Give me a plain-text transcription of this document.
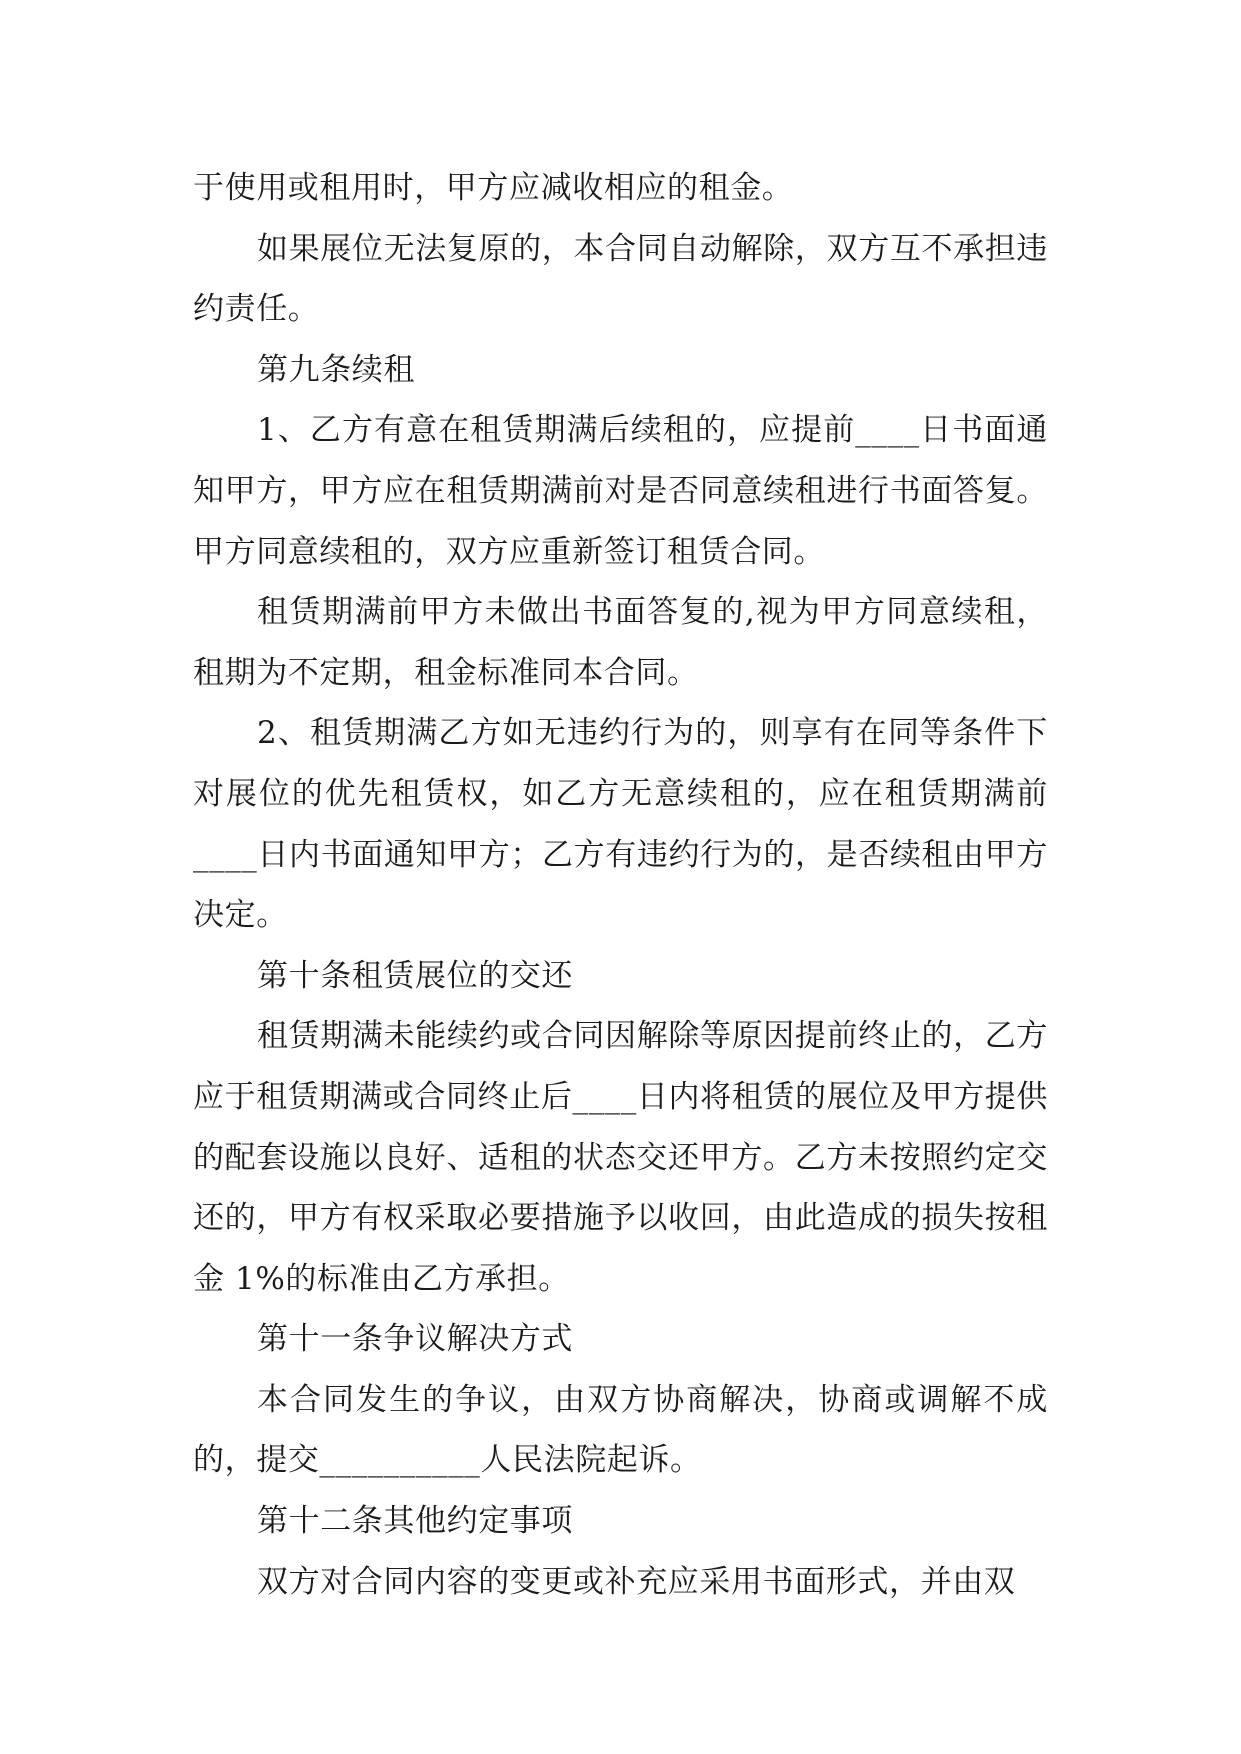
于使用或租用时，甲方应减收相应的租金。

如果展位无法复原的，本合同自动解除，双方互不承担违约责任。

第九条续租

1、乙方有意在租赁期满后续租的，应提前____日书面通知甲方，甲方应在租赁期满前对是否同意续租进行书面答复。甲方同意续租的，双方应重新签订租赁合同。

租赁期满前甲方未做出书面答复的,视为甲方同意续租，租期为不定期，租金标准同本合同。

2、租赁期满乙方如无违约行为的，则享有在同等条件下对展位的优先租赁权，如乙方无意续租的，应在租赁期满前____日内书面通知甲方；乙方有违约行为的，是否续租由甲方决定。

第十条租赁展位的交还

租赁期满未能续约或合同因解除等原因提前终止的，乙方应于租赁期满或合同终止后____日内将租赁的展位及甲方提供的配套设施以良好、适租的状态交还甲方。乙方未按照约定交还的，甲方有权采取必要措施予以收回，由此造成的损失按租金 1%的标准由乙方承担。

第十一条争议解决方式

本合同发生的争议，由双方协商解决，协商或调解不成的，提交__________人民法院起诉。

第十二条其他约定事项

双方对合同内容的变更或补充应采用书面形式，并由双
